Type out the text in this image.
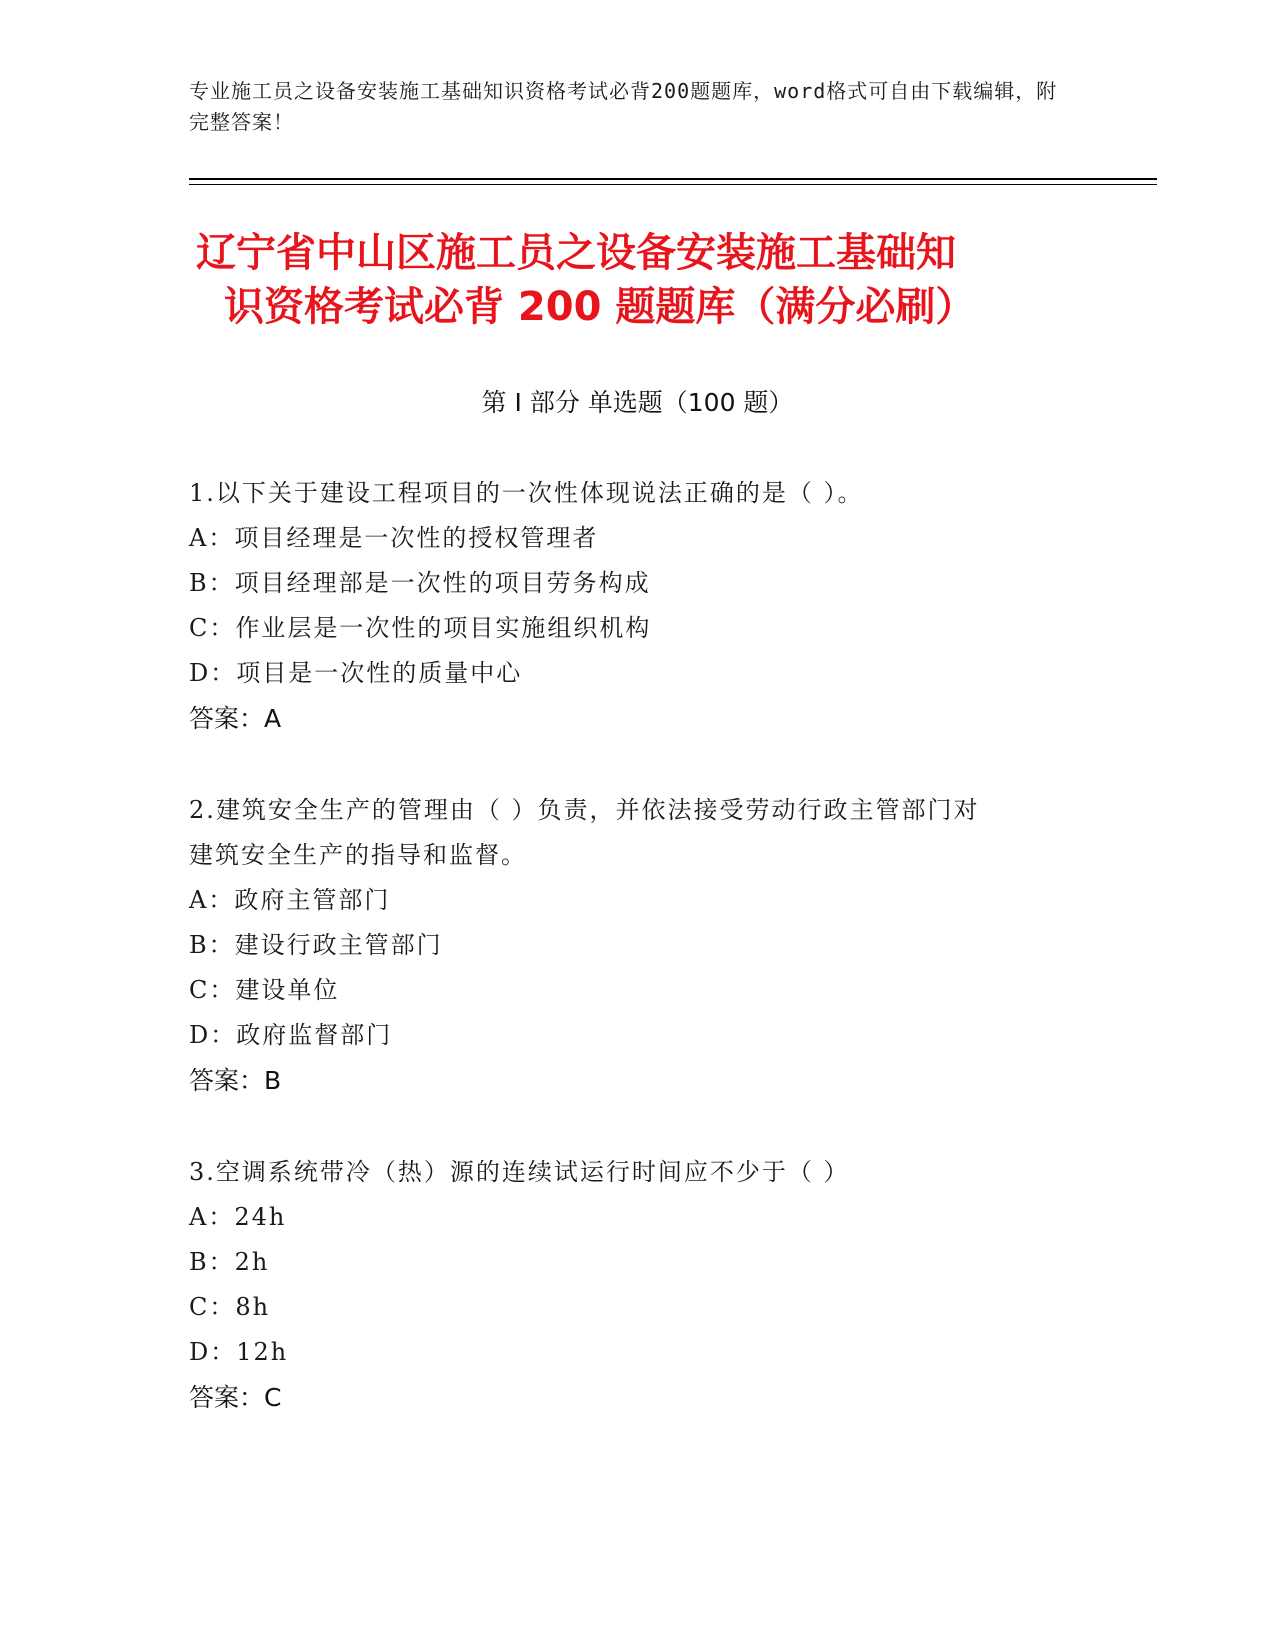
专业施工员之设备安装施工基础知识资格考试必背200题题库，word格式可自由下载编辑，附完整答案！
辽宁省中山区施工员之设备安装施工基础知
识资格考试必背 200 题题库（满分必刷）
第 I 部分 单选题（100 题）
1.以下关于建设工程项目的一次性体现说法正确的是（ ）。
A：项目经理是一次性的授权管理者
B：项目经理部是一次性的项目劳务构成
C：作业层是一次性的项目实施组织机构
D：项目是一次性的质量中心
答案：A
2.建筑安全生产的管理由（ ）负责，并依法接受劳动行政主管部门对
建筑安全生产的指导和监督。
A：政府主管部门
B：建设行政主管部门
C：建设单位
D：政府监督部门
答案：B
3.空调系统带冷（热）源的连续试运行时间应不少于（ ）
A：24h
B：2h
C：8h
D：12h
答案：C
